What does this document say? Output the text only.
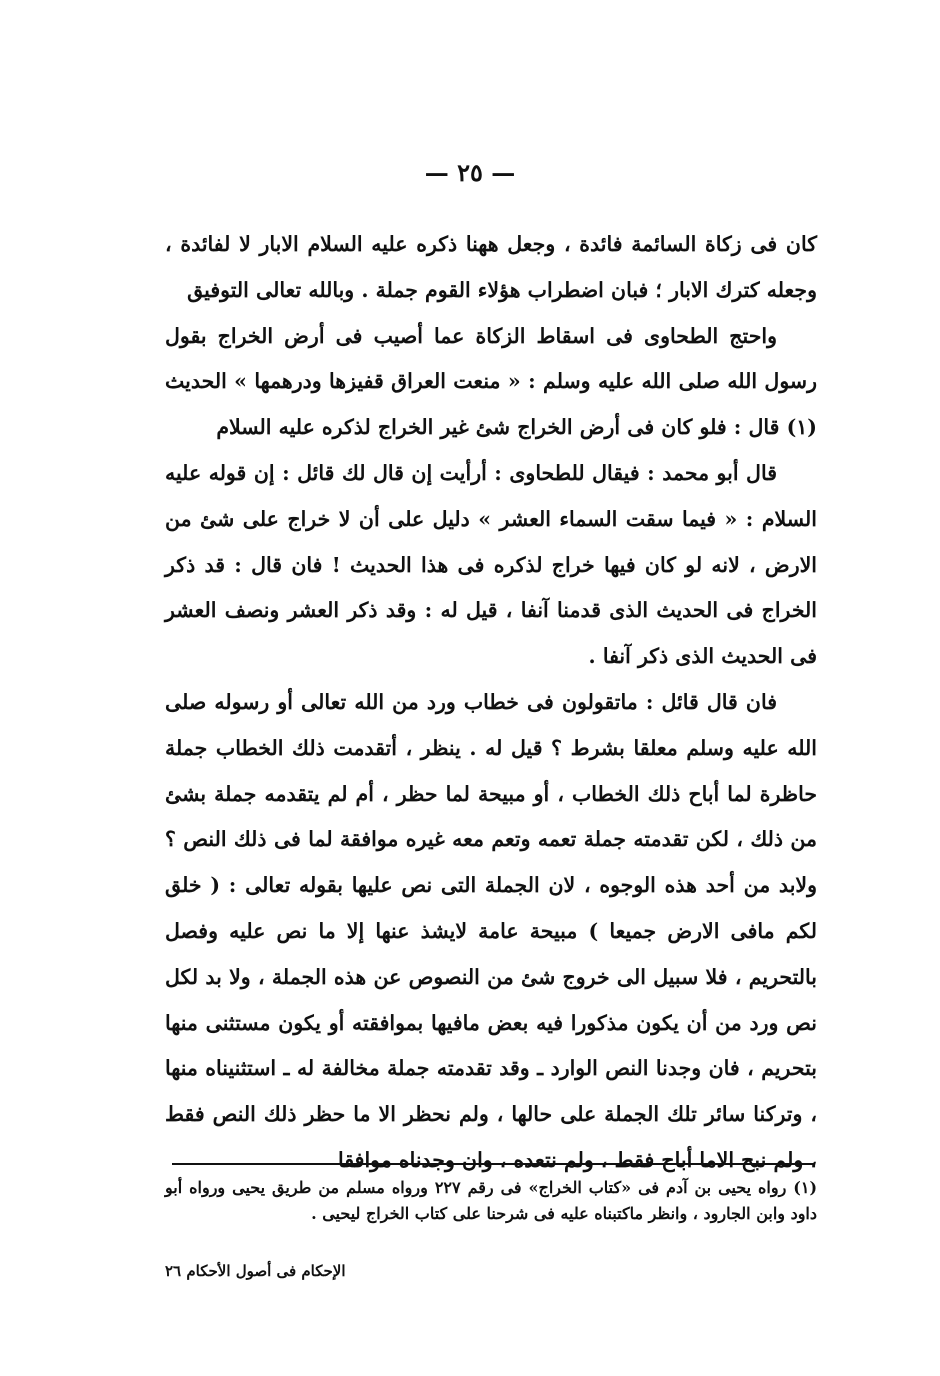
— ٢٥ —

كان فى زكاة السائمة فائدة ، وجعل ههنا ذكره عليه السلام الابار لا لفائدة ، وجعله كترك الابار ؛ فبان اضطراب هؤلاء القوم جملة . وبالله تعالى التوفيق

واحتج الطحاوى فى اسقاط الزكاة عما أصيب فى أرض الخراج بقول رسول الله صلى الله عليه وسلم : « منعت العراق قفيزها ودرهمها » الحديث (١) قال : فلو كان فى أرض الخراج شئ غير الخراج لذكره عليه السلام

قال أبو محمد : فيقال للطحاوى : أرأيت إن قال لك قائل : إن قوله عليه السلام : « فيما سقت السماء العشر » دليل على أن لا خراج على شئ من الارض ، لانه لو كان فيها خراج لذكره فى هذا الحديث ! فان قال : قد ذكر الخراج فى الحديث الذى قدمنا آنفا ، قيل له : وقد ذكر العشر ونصف العشر فى الحديث الذى ذكر آنفا .

فان قال قائل : ماتقولون فى خطاب ورد من الله تعالى أو رسوله صلى الله عليه وسلم معلقا بشرط ؟ قيل له . ينظر ، أتقدمت ذلك الخطاب جملة حاظرة لما أباح ذلك الخطاب ، أو مبيحة لما حظر ، أم لم يتقدمه جملة بشئ من ذلك ، لكن تقدمته جملة تعمه وتعم معه غيره موافقة لما فى ذلك النص ؟ ولابد من أحد هذه الوجوه ، لان الجملة التى نص عليها بقوله تعالى : ( خلق لكم مافى الارض جميعا ) مبيحة عامة لايشذ عنها إلا ما نص عليه وفصل بالتحريم ، فلا سبيل الى خروج شئ من النصوص عن هذه الجملة ، ولا بد لكل نص ورد من أن يكون مذكورا فيه بعض مافيها بموافقته أو يكون مستثنى منها بتحريم ، فان وجدنا النص الوارد ـ وقد تقدمته جملة مخالفة له ـ استثنيناه منها ، وتركنا سائر تلك الجملة على حالها ، ولم نحظر الا ما حظر ذلك النص فقط ، ولم نبح الاما أباح فقط ، ولم نتعده ، وان وجدناه موافقا

(١) رواه يحيى بن آدم فى «كتاب الخراج» فى رقم ٢٢٧ ورواه مسلم من طريق يحيى ورواه أبو داود وابن الجارود ، وانظر ماكتبناه عليه فى شرحنا على كتاب الخراج ليحيى .

الإحكام فى أصول الأحكام ٢٦
